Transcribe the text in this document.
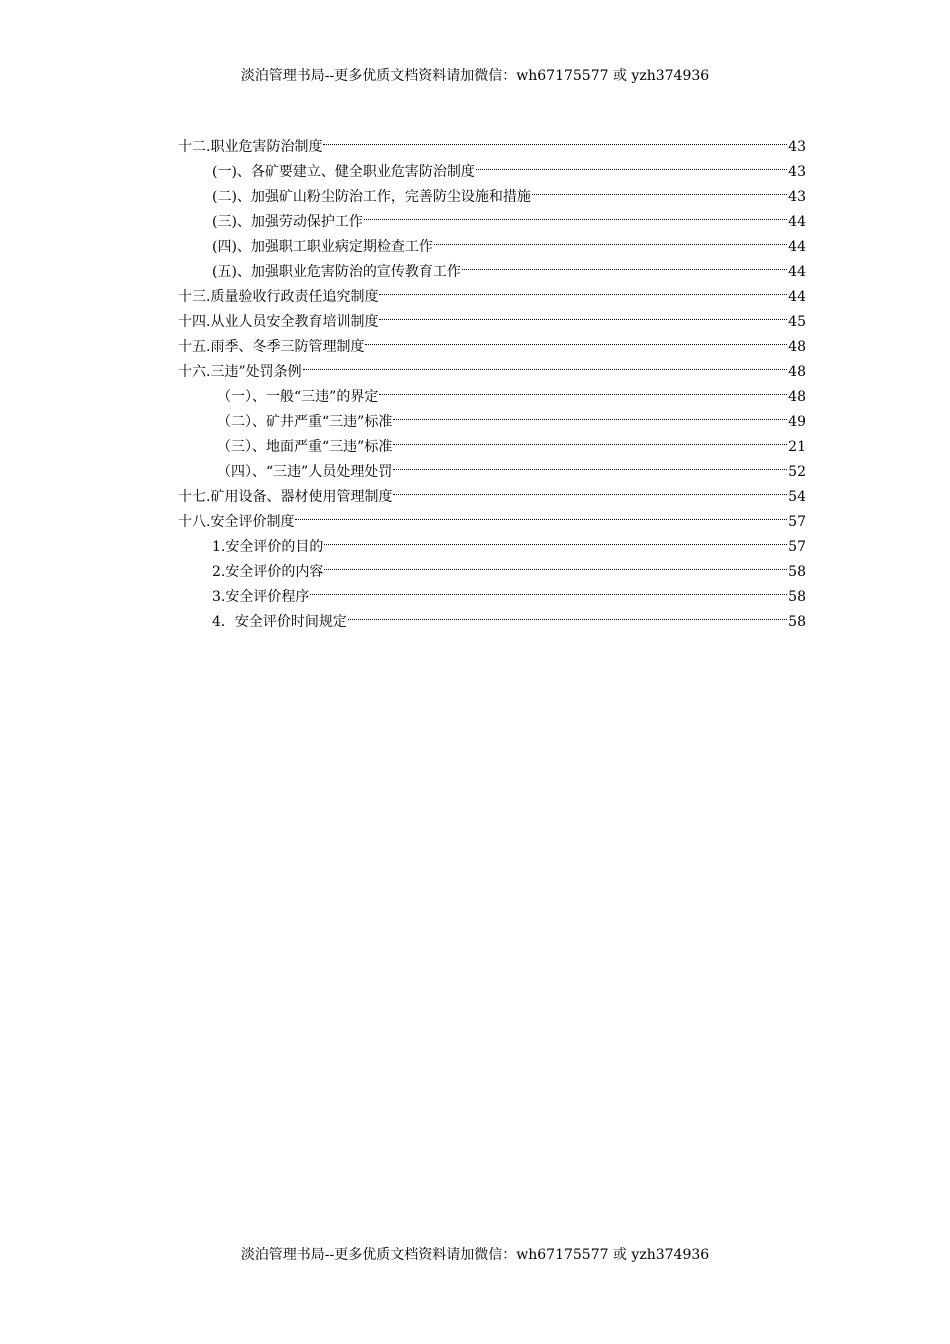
淡泊管理书局--更多优质文档资料请加微信：wh67175577 或 yzh374936
十二.职业危害防治制度	43
(一)、各矿要建立、健全职业危害防治制度	43
(二)、加强矿山粉尘防治工作，完善防尘设施和措施	43
(三)、加强劳动保护工作	44
(四)、加强职工职业病定期检查工作	44
(五)、加强职业危害防治的宣传教育工作	44
十三.质量验收行政责任追究制度	44
十四.从业人员安全教育培训制度	45
十五.雨季、冬季三防管理制度	48
十六.三违”处罚条例	48
（一）、一般“三违”的界定	48
（二）、矿井严重“三违”标准	49
（三）、地面严重“三违”标准	21
（四）、“三违”人员处理处罚	52
十七.矿用设备、器材使用管理制度	54
十八.安全评价制度	57
1.安全评价的目的	57
2.安全评价的内容	58
3.安全评价程序	58
4．安全评价时间规定	58
淡泊管理书局--更多优质文档资料请加微信：wh67175577 或 yzh374936
